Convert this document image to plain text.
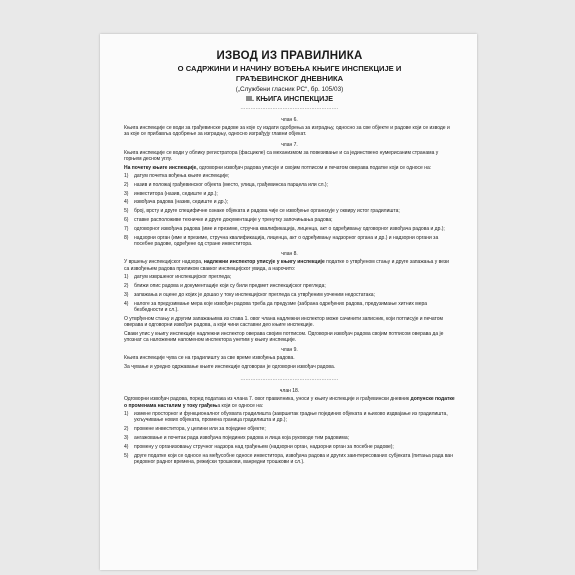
ИЗВОД ИЗ ПРАВИЛНИКА

О САДРЖИНИ И НАЧИНУ ВОЂЕЊА КЊИГЕ ИНСПЕКЦИЈЕ И

ГРАЂЕВИНСКОГ ДНЕВНИКА

(„Службени гласник РС“, бр. 105/03)

III. КЊИГА ИНСПЕКЦИЈЕ

..........................................................
члан 6.

Књига инспекције се води за грађевинске радове за које су издати одобрења за изградњу, односно за све објекте и радове који се изводе и за које се прибавља одобрење за изградњу, односно изграђују главни објекат.

члан 7.

Књига инспекције се води у облику регистратора (фасцикле) са механизмом за повезивање и са јединствено нумерисаним странама у горњем десном углу.

На почетку књиге инспекције, одговорни извођач радова уписује и својим потписом и печатом оверава податке који се односе на:

1) датум почетка вођења књиге инспекције;
2) назив и положај грађевинског објекта (место, улица, грађевинска парцела или сл.);
3) инвеститора (назив, седиште и др.);
4) извођача радова (назив, седиште и др.);
5) број, врсту и друге специфичне ознаке објеката и радова чије се извођење организује у оквиру истог градилишта;
6) ставке расположиве техничке и друге документације у тренутку започињања радова;
7) одговорног извођача радова (име и презиме, стручна квалификација, лиценца, акт о одређивању одговорног извођача радова и др.);
8) надзорни орган (име и презиме, стручна квалификација, лиценца, акт о одређивању надзорног органа и др.) и надзорни органи за посебне радове, одређене од стране инвеститора.
члан 8.

У вршењу инспекцијског надзора, надлежни инспектор уписује у књигу инспекције податке о утврђеном стању и друге запажања у вези са извођењем радова приликом свакког инспекцијског увида, а нарочито:

1) датум извршеног инспекцијског прегледа;
2) ближи опис радова и документације који су били предмет инспекцијског прегледа;
3) запажања и оцене до којих је дошао у току инспекцијског прегледа са утврђеним уоченим недостатака;
4) налоге за предузимање мера које извођач радова треба да предузме (забрана одређених радова, предузимање хитних мера безбедности и сл.).

О утврђеном стању и другим запажањима из става 1. овог члана надлежни инспектор може сачинити записник, који потписује и печатом оверава и одговорни извођач радова, а који чини саставни део књиге инспекције.

Сваки упис у књигу инспекције надлежни инспектор оверава својим потписом. Одговорни извођач радова својим потписом оверава да је упознат са наложеним напоменом инспектора унетим у књигу инспекције.

члан 9.

Књига инспекције чува се на градилишту за све време извођења радова.

За чување и уредно одржавање књиге инспекције одговоран је одговорни извођач радова.

..........................................................
члан 18.

Одговорни извођач радова, поред података из члана 7. овог правилника, уноси у књигу инспекције и грађевински дневник допунске податке о променама насталим у току грађења који се односе на:

1) измене просторног и функционалног обухвата градилишта (завршетак градње појединих објеката и њихово издвајање из градилишта, укључивање нових објеката, промена граница градилишта и др.);
2) промене инвеститора, у целини или за поједине објекте;
3) ангажовање и почетак рада извођача појединих радова и лица која руководе тим радовима;
4) промену у организовању стручног надзора над грађењем (надзорни орган, надзорни орган за посебне радове);
5) друге податке који се односе на међусобне односе инвеститора, извођача радова и других заинтересованих субјеката (питања рада ван редовног радног времена, режијски трошкови, ванредни трошкови и сл.).
